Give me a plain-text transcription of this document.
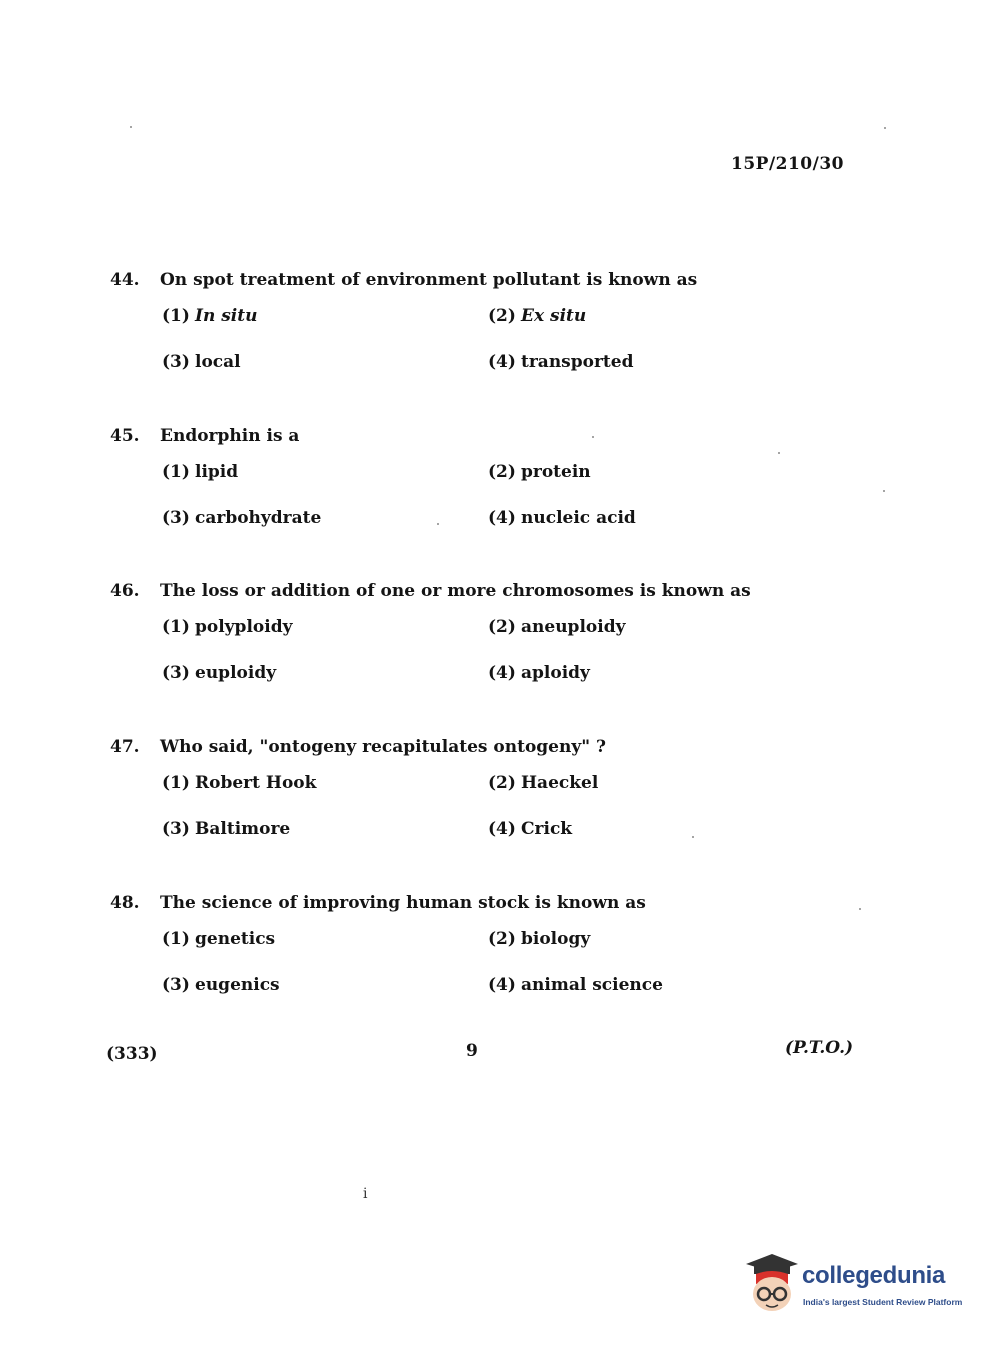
15P/210/30
44. On spot treatment of environment pollutant is known as
(1) In situ	(2) Ex situ
(3) local	(4) transported
45. Endorphin is a
(1) lipid	(2) protein
(3) carbohydrate	(4) nucleic acid
46. The loss or addition of one or more chromosomes is known as
(1) polyploidy	(2) aneuploidy
(3) euploidy	(4) aploidy
47. Who said, "ontogeny recapitulates ontogeny" ?
(1) Robert Hook	(2) Haeckel
(3) Baltimore	(4) Crick
48. The science of improving human stock is known as
(1) genetics	(2) biology
(3) eugenics	(4) animal science
(333)	9	(P.T.O.)
i
collegedunia
India's largest Student Review Platform
